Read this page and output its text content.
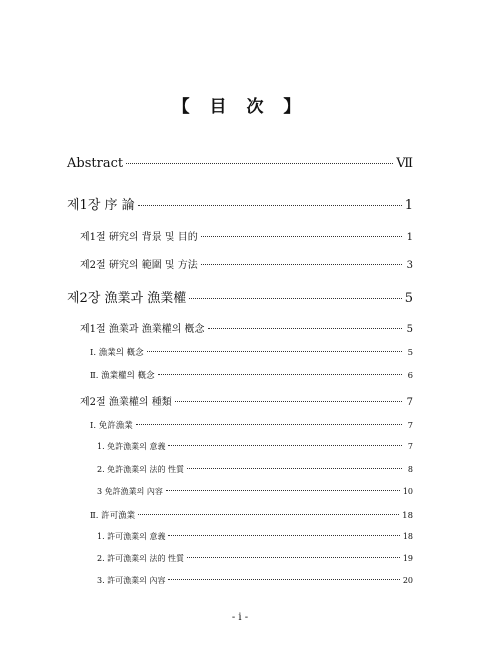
【 目 次 】
Abstract	Ⅶ
제1장 序 論	1
제1절 硏究의 背景 및 目的	1
제2절 硏究의 範圍 및 方法	3
제2장 漁業과 漁業權	5
제1절 漁業과 漁業權의 槪念	5
Ⅰ. 漁業의 槪念	5
Ⅱ. 漁業權의 槪念	6
제2절 漁業權의 種類	7
Ⅰ. 免許漁業	7
1. 免許漁業의 意義	7
2. 免許漁業의 法的 性質	8
3 免許漁業의 內容	10
Ⅱ. 許可漁業	18
1. 許可漁業의 意義	18
2. 許可漁業의 法的 性質	19
3. 許可漁業의 內容	20
- i -
